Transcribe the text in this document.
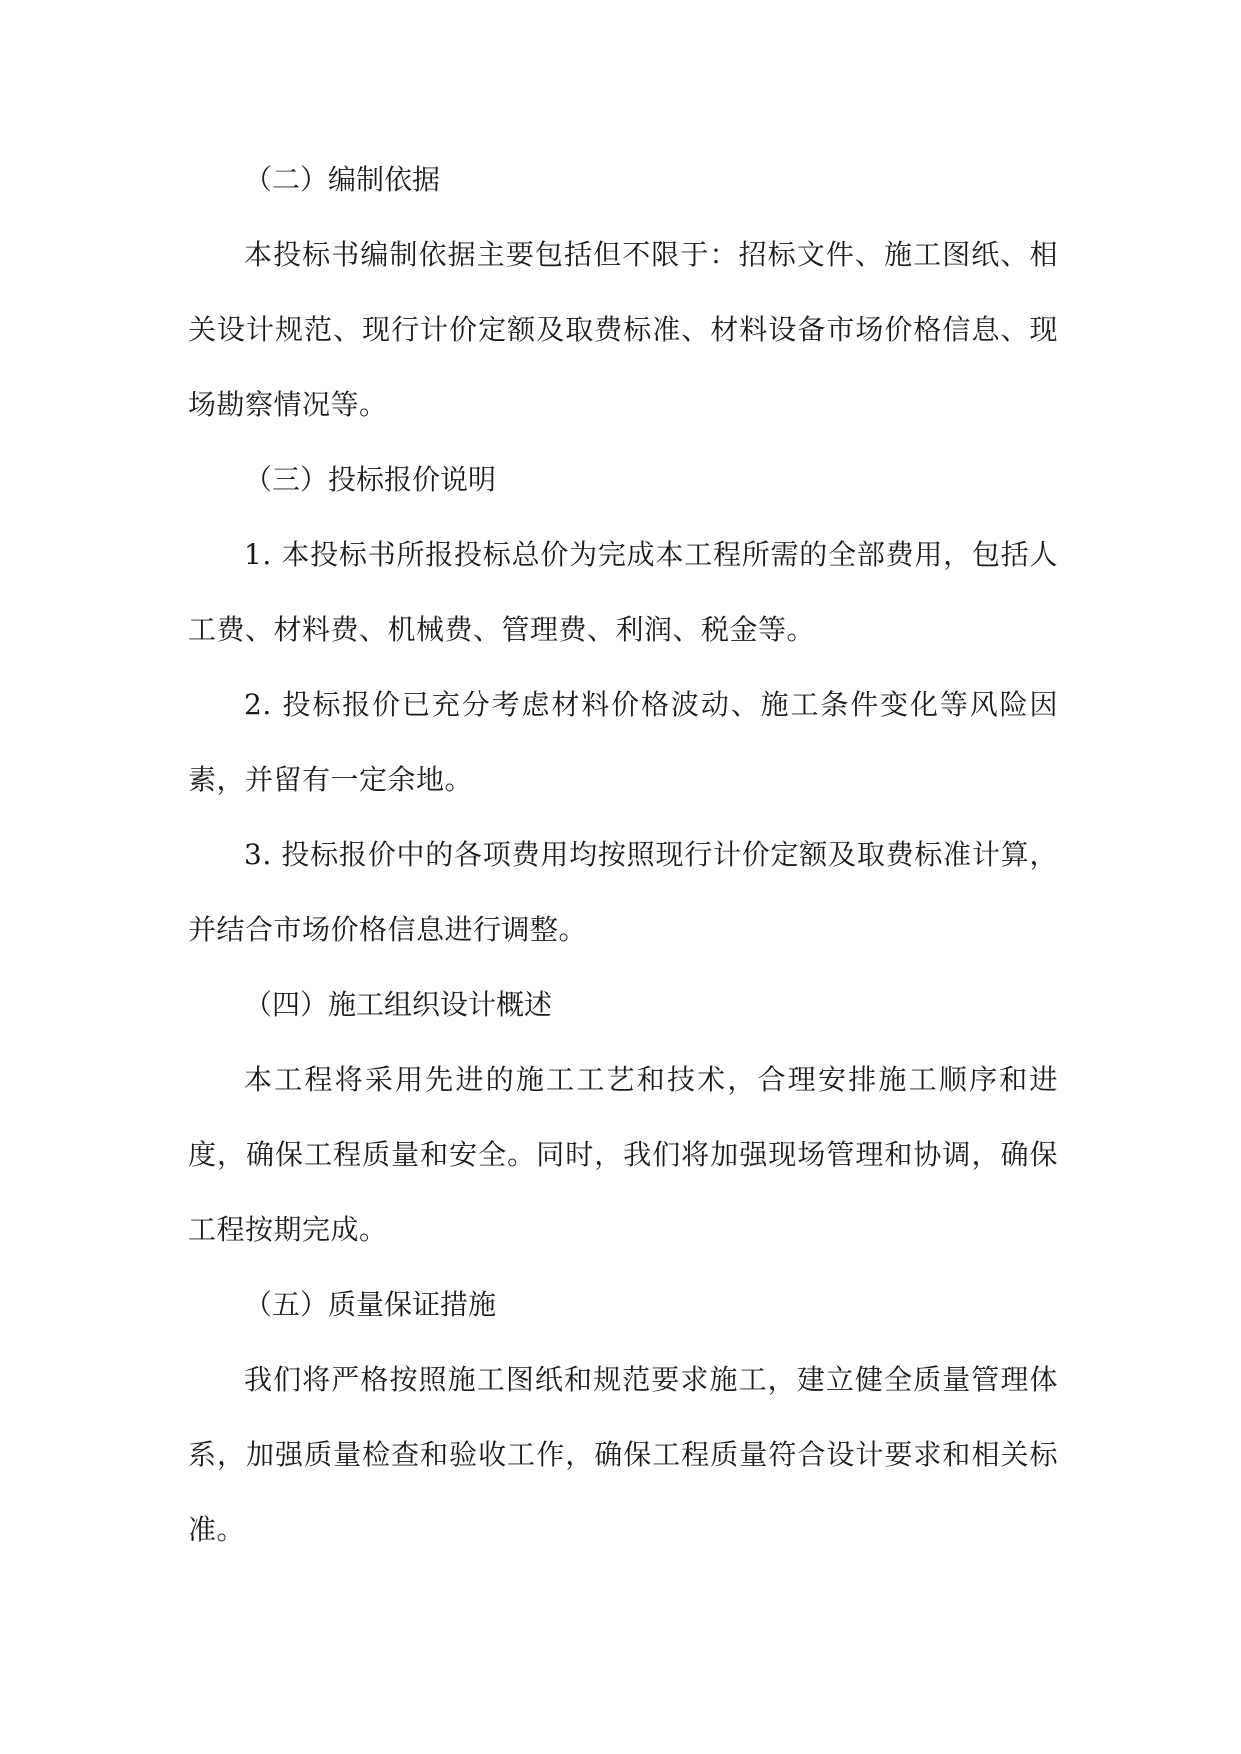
（二）编制依据

本投标书编制依据主要包括但不限于：招标文件、施工图纸、相关设计规范、现行计价定额及取费标准、材料设备市场价格信息、现场勘察情况等。

（三）投标报价说明

1. 本投标书所报投标总价为完成本工程所需的全部费用，包括人工费、材料费、机械费、管理费、利润、税金等。

2. 投标报价已充分考虑材料价格波动、施工条件变化等风险因素，并留有一定余地。

3. 投标报价中的各项费用均按照现行计价定额及取费标准计算，并结合市场价格信息进行调整。

（四）施工组织设计概述

本工程将采用先进的施工工艺和技术，合理安排施工顺序和进度，确保工程质量和安全。同时，我们将加强现场管理和协调，确保工程按期完成。

（五）质量保证措施

我们将严格按照施工图纸和规范要求施工，建立健全质量管理体系，加强质量检查和验收工作，确保工程质量符合设计要求和相关标准。
